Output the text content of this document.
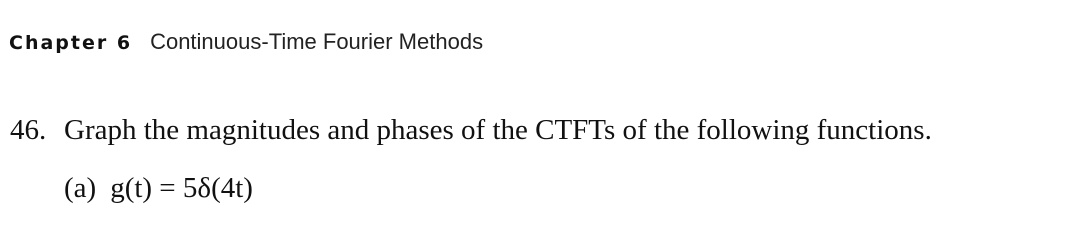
Chapter 6 Continuous-Time Fourier Methods
46. Graph the magnitudes and phases of the CTFTs of the following functions.
(a) g(t) = 5δ(4t)
